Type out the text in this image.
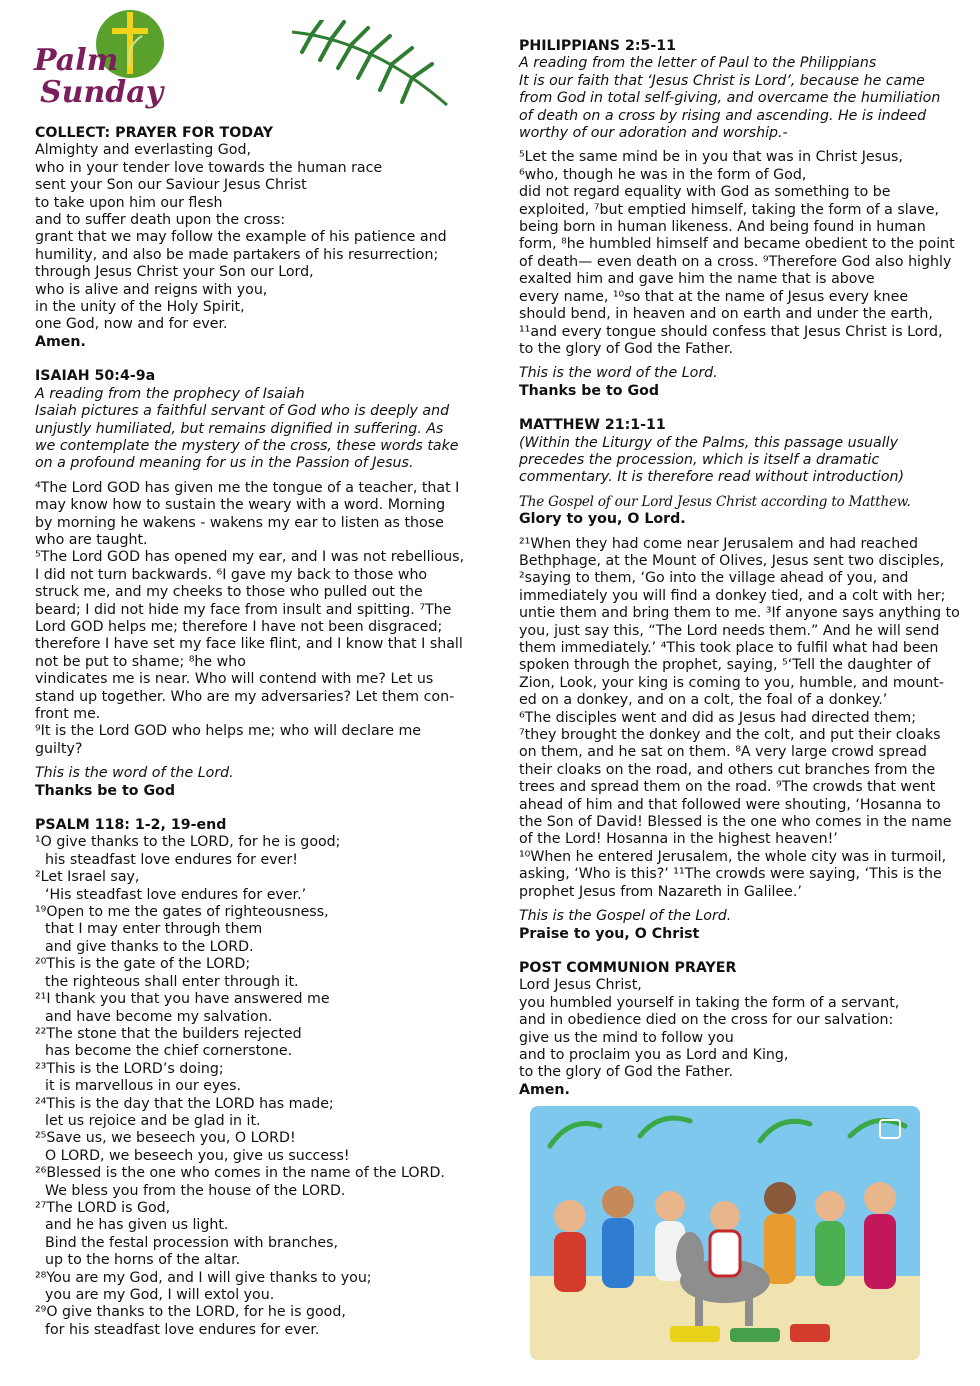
Palm
Sunday
COLLECT: PRAYER FOR TODAY
Almighty and everlasting God,
who in your tender love towards the human race
sent your Son our Saviour Jesus Christ
to take upon him our flesh
and to suffer death upon the cross:
grant that we may follow the example of his patience and
humility, and also be made partakers of his resurrection;
through Jesus Christ your Son our Lord,
who is alive and reigns with you,
in the unity of the Holy Spirit,
one God, now and for ever.
Amen.
ISAIAH 50:4-9a
A reading from the prophecy of Isaiah
Isaiah pictures a faithful servant of God who is deeply and
unjustly humiliated, but remains dignified in suffering. As
we contemplate the mystery of the cross, these words take
on a profound meaning for us in the Passion of Jesus.
⁴The Lord GOD has given me the tongue of a teacher, that I
may know how to sustain the weary with a word. Morning
by morning he wakens - wakens my ear to listen as those
who are taught.
⁵The Lord GOD has opened my ear, and I was not rebellious,
I did not turn backwards. ⁶I gave my back to those who
struck me, and my cheeks to those who pulled out the
beard; I did not hide my face from insult and spitting. ⁷The
Lord GOD helps me; therefore I have not been disgraced;
therefore I have set my face like flint, and I know that I shall
not be put to shame; ⁸he who
vindicates me is near. Who will contend with me? Let us
stand up together. Who are my adversaries? Let them con-
front me.
⁹It is the Lord GOD who helps me; who will declare me
guilty?
This is the word of the Lord.
Thanks be to God
PSALM 118: 1-2, 19-end
¹O give thanks to the LORD, for he is good;
his steadfast love endures for ever!
²Let Israel say,
‘His steadfast love endures for ever.’
¹⁹Open to me the gates of righteousness,
that I may enter through them
and give thanks to the LORD.
²⁰This is the gate of the LORD;
the righteous shall enter through it.
²¹I thank you that you have answered me
and have become my salvation.
²²The stone that the builders rejected
has become the chief cornerstone.
²³This is the LORD’s doing;
it is marvellous in our eyes.
²⁴This is the day that the LORD has made;
let us rejoice and be glad in it.
²⁵Save us, we beseech you, O LORD!
O LORD, we beseech you, give us success!
²⁶Blessed is the one who comes in the name of the LORD.
We bless you from the house of the LORD.
²⁷The LORD is God,
and he has given us light.
Bind the festal procession with branches,
up to the horns of the altar.
²⁸You are my God, and I will give thanks to you;
you are my God, I will extol you.
²⁹O give thanks to the LORD, for he is good,
for his steadfast love endures for ever.
PHILIPPIANS 2:5-11
A reading from the letter of Paul to the Philippians
It is our faith that ‘Jesus Christ is Lord’, because he came
from God in total self-giving, and overcame the humiliation
of death on a cross by rising and ascending. He is indeed
worthy of our adoration and worship.-
⁵Let the same mind be in you that was in Christ Jesus,
⁶who, though he was in the form of God,
did not regard equality with God as something to be
exploited, ⁷but emptied himself, taking the form of a slave,
being born in human likeness. And being found in human
form, ⁸he humbled himself and became obedient to the point
of death— even death on a cross. ⁹Therefore God also highly
exalted him and gave him the name that is above
every name, ¹⁰so that at the name of Jesus every knee
should bend, in heaven and on earth and under the earth,
¹¹and every tongue should confess that Jesus Christ is Lord,
to the glory of God the Father.
This is the word of the Lord.
Thanks be to God
MATTHEW 21:1-11
(Within the Liturgy of the Palms, this passage usually
precedes the procession, which is itself a dramatic
commentary. It is therefore read without introduction)
The Gospel of our Lord Jesus Christ according to Matthew.
Glory to you, O Lord.
²¹When they had come near Jerusalem and had reached
Bethphage, at the Mount of Olives, Jesus sent two disciples,
²saying to them, ‘Go into the village ahead of you, and
immediately you will find a donkey tied, and a colt with her;
untie them and bring them to me. ³If anyone says anything to
you, just say this, “The Lord needs them.” And he will send
them immediately.’ ⁴This took place to fulfil what had been
spoken through the prophet, saying, ⁵‘Tell the daughter of
Zion, Look, your king is coming to you, humble, and mount-
ed on a donkey, and on a colt, the foal of a donkey.’
⁶The disciples went and did as Jesus had directed them;
⁷they brought the donkey and the colt, and put their cloaks
on them, and he sat on them. ⁸A very large crowd spread
their cloaks on the road, and others cut branches from the
trees and spread them on the road. ⁹The crowds that went
ahead of him and that followed were shouting, ‘Hosanna to
the Son of David! Blessed is the one who comes in the name
of the Lord! Hosanna in the highest heaven!’
¹⁰When he entered Jerusalem, the whole city was in turmoil,
asking, ‘Who is this?’ ¹¹The crowds were saying, ‘This is the
prophet Jesus from Nazareth in Galilee.’
This is the Gospel of the Lord.
Praise to you, O Christ
POST COMMUNION PRAYER
Lord Jesus Christ,
you humbled yourself in taking the form of a servant,
and in obedience died on the cross for our salvation:
give us the mind to follow you
and to proclaim you as Lord and King,
to the glory of God the Father.
Amen.
